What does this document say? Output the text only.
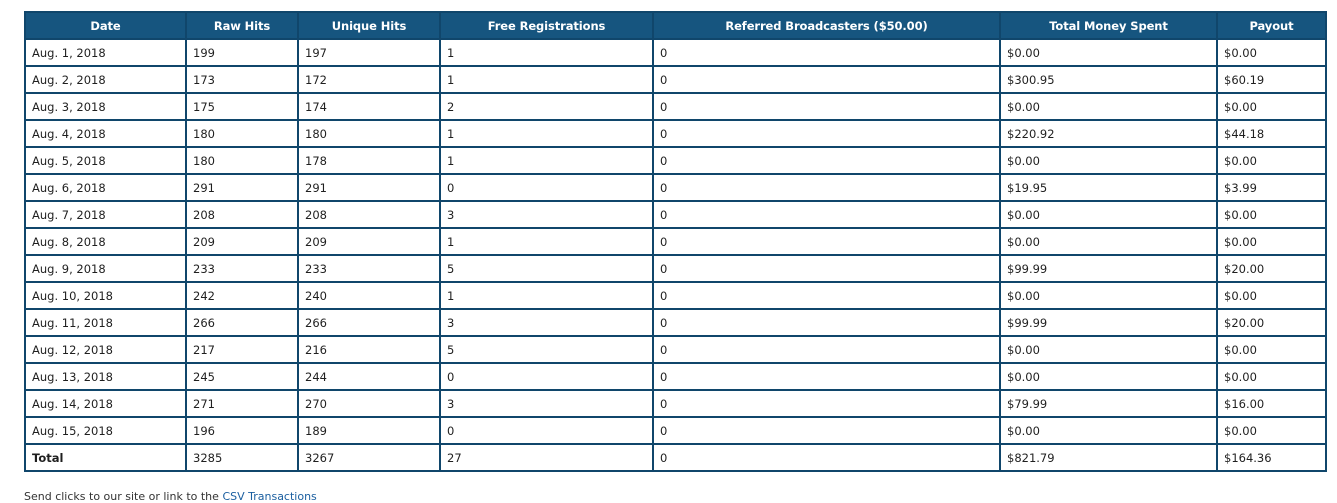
Date	Raw Hits	Unique Hits	Free Registrations	Referred Broadcasters ($50.00)	Total Money Spent	Payout
Aug. 1, 2018	199	197	1	0	$0.00	$0.00
Aug. 2, 2018	173	172	1	0	$300.95	$60.19
Aug. 3, 2018	175	174	2	0	$0.00	$0.00
Aug. 4, 2018	180	180	1	0	$220.92	$44.18
Aug. 5, 2018	180	178	1	0	$0.00	$0.00
Aug. 6, 2018	291	291	0	0	$19.95	$3.99
Aug. 7, 2018	208	208	3	0	$0.00	$0.00
Aug. 8, 2018	209	209	1	0	$0.00	$0.00
Aug. 9, 2018	233	233	5	0	$99.99	$20.00
Aug. 10, 2018	242	240	1	0	$0.00	$0.00
Aug. 11, 2018	266	266	3	0	$99.99	$20.00
Aug. 12, 2018	217	216	5	0	$0.00	$0.00
Aug. 13, 2018	245	244	0	0	$0.00	$0.00
Aug. 14, 2018	271	270	3	0	$79.99	$16.00
Aug. 15, 2018	196	189	0	0	$0.00	$0.00
Total	3285	3267	27	0	$821.79	$164.36
Send clicks to our site or link to the CSV Transactions
